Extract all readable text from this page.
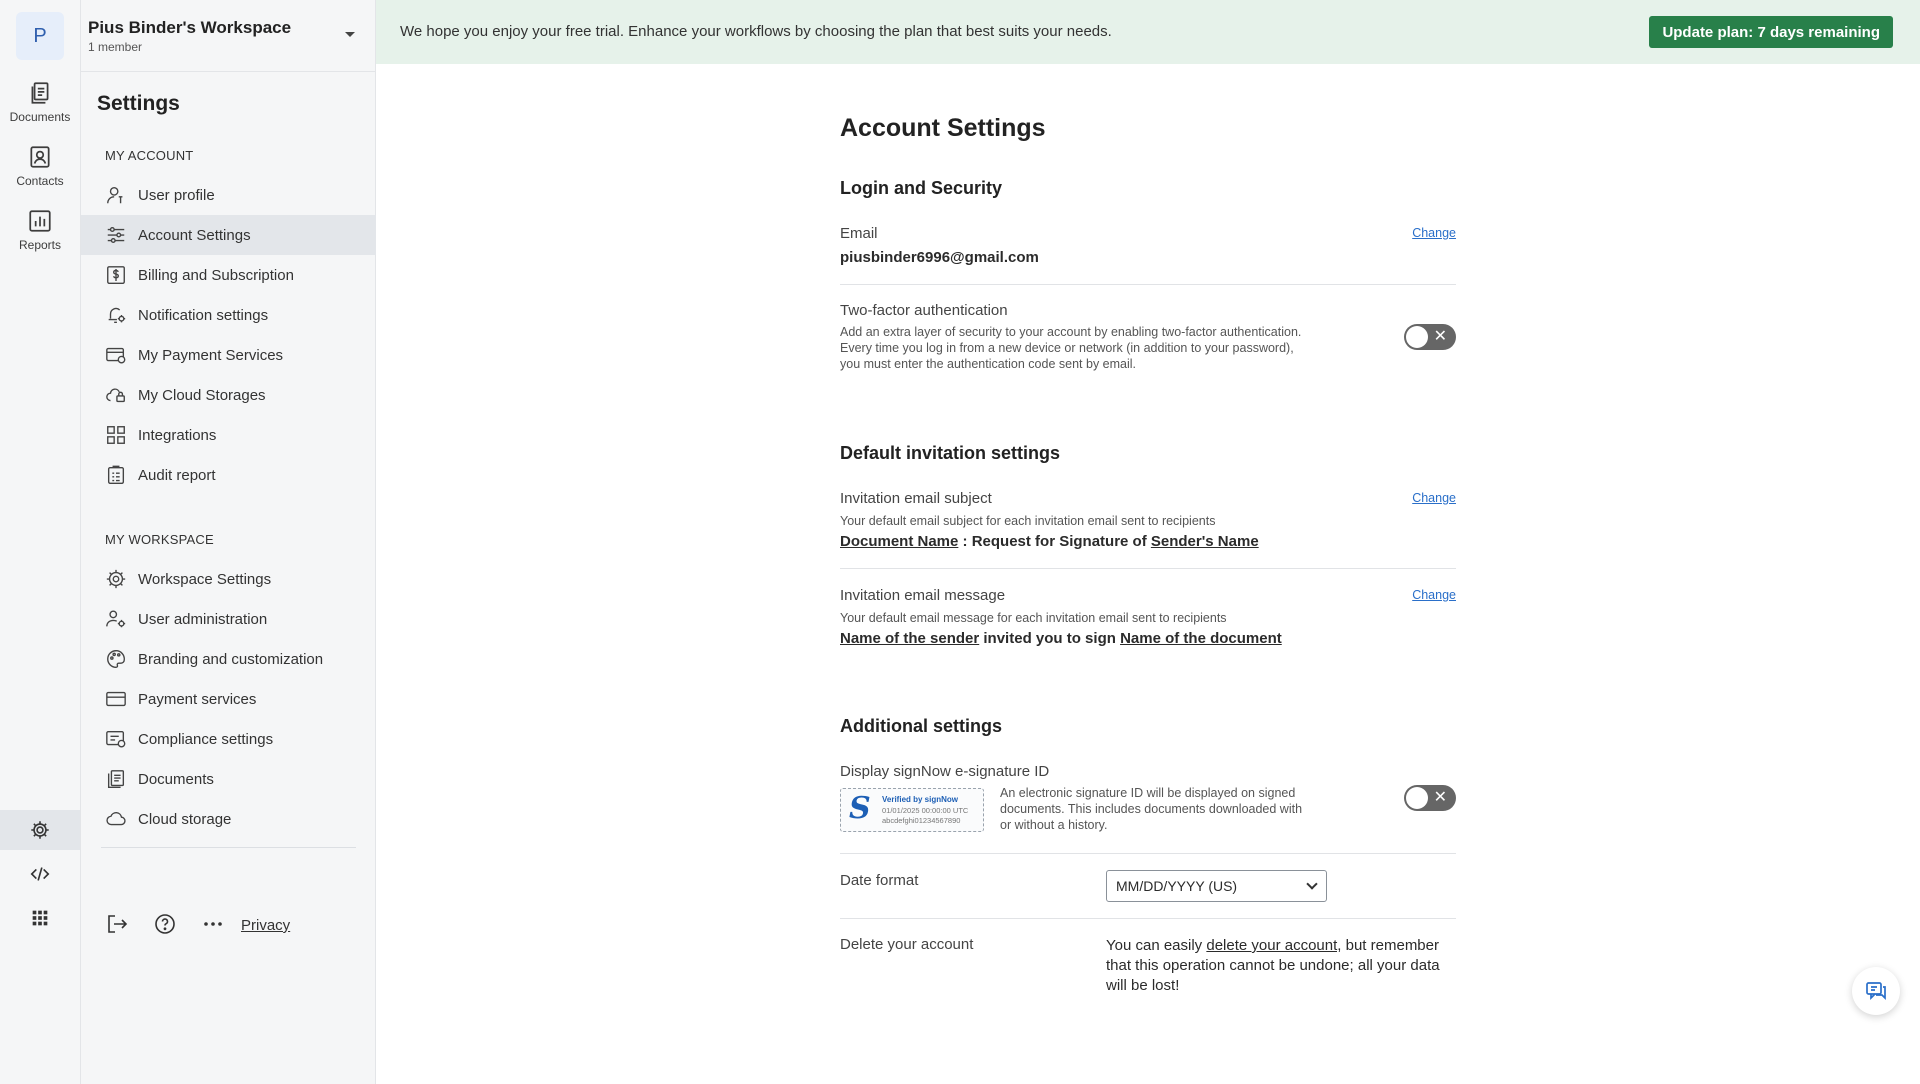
P
Documents
Contacts
Reports
Pius Binder's Workspace
1 member
Settings
MY ACCOUNT
User profile
Account Settings
Billing and Subscription
Notification settings
My Payment Services
My Cloud Storages
Integrations
Audit report
MY WORKSPACE
Workspace Settings
User administration
Branding and customization
Payment services
Compliance settings
Documents
Cloud storage
Privacy
We hope you enjoy your free trial. Enhance your workflows by choosing the plan that best suits your needs.	Update plan: 7 days remaining
Account Settings
Login and Security
Email	Change
piusbinder6996@gmail.com
Two-factor authentication
Add an extra layer of security to your account by enabling two-factor authentication.
Every time you log in from a new device or network (in addition to your password),
you must enter the authentication code sent by email.
✕
Default invitation settings
Invitation email subject	Change
Your default email subject for each invitation email sent to recipients
Document Name : Request for Signature of Sender's Name
Invitation email message	Change
Your default email message for each invitation email sent to recipients
Name of the sender invited you to sign Name of the document
Additional settings
Display signNow e-signature ID
S Verified by signNow
01/01/2025 00:00:00 UTC
abcdefghi01234567890
An electronic signature ID will be displayed on signed
documents. This includes documents downloaded with
or without a history.
✕
Date format	MM/DD/YYYY (US)
Delete your account	You can easily delete your account, but remember that this operation cannot be undone; all your data will be lost!
